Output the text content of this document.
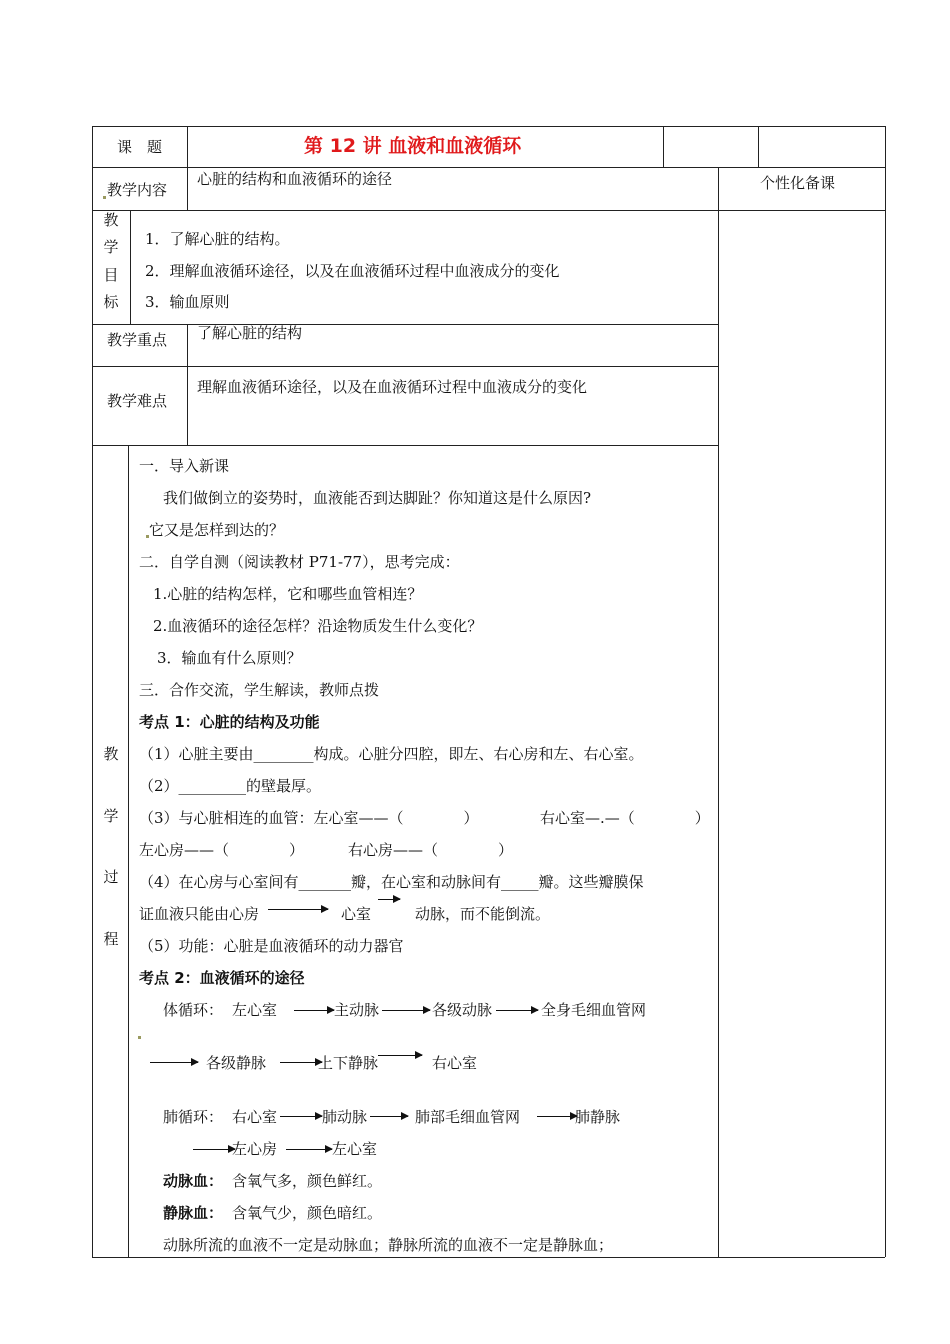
课　题	第 12 讲 血液和血液循环
教学内容
心脏的结构和血液循环的途径	个性化备课
教
学
目
标
1．了解心脏的结构。
2．理解血液循环途径，以及在血液循环过程中血液成分的变化
3．输血原则
教学重点 了解心脏的结构
教学难点
理解血液循环途径，以及在血液循环过程中血液成分的变化
教
学
过
程
一．导入新课
我们做倒立的姿势时，血液能否到达脚趾？你知道这是什么原因?
它又是怎样到达的？
二．自学自测（阅读教材 P71-77），思考完成：
1.心脏的结构怎样，它和哪些血管相连？
2.血液循环的途径怎样？沿途物质发生什么变化？
3．输血有什么原则？
三．合作交流，学生解读，教师点拨
考点 1：心脏的结构及功能
（1）心脏主要由________构成。心脏分四腔，即左、右心房和左、右心室。
（2）_________的壁最厚。
（3）与心脏相连的血管：左心室——（　　　　）	右心室—.—（　　　　）
左心房——（　　　　）	右心房——（　　　　）
（4）在心房与心室间有_______瓣，在心室和动脉间有_____瓣。这些瓣膜保
证血液只能由心房	心室	动脉，而不能倒流。
（5）功能：心脏是血液循环的动力器官
考点 2：血液循环的途径
体循环： 左心室	主动脉	各级动脉	全身毛细血管网
各级静脉	上下静脉	右心室
肺循环： 右心室	肺动脉	肺部毛细血管网	肺静脉
左心房	左心室
动脉血： 含氧气多，颜色鲜红。
静脉血： 含氧气少，颜色暗红。
动脉所流的血液不一定是动脉血；静脉所流的血液不一定是静脉血；
